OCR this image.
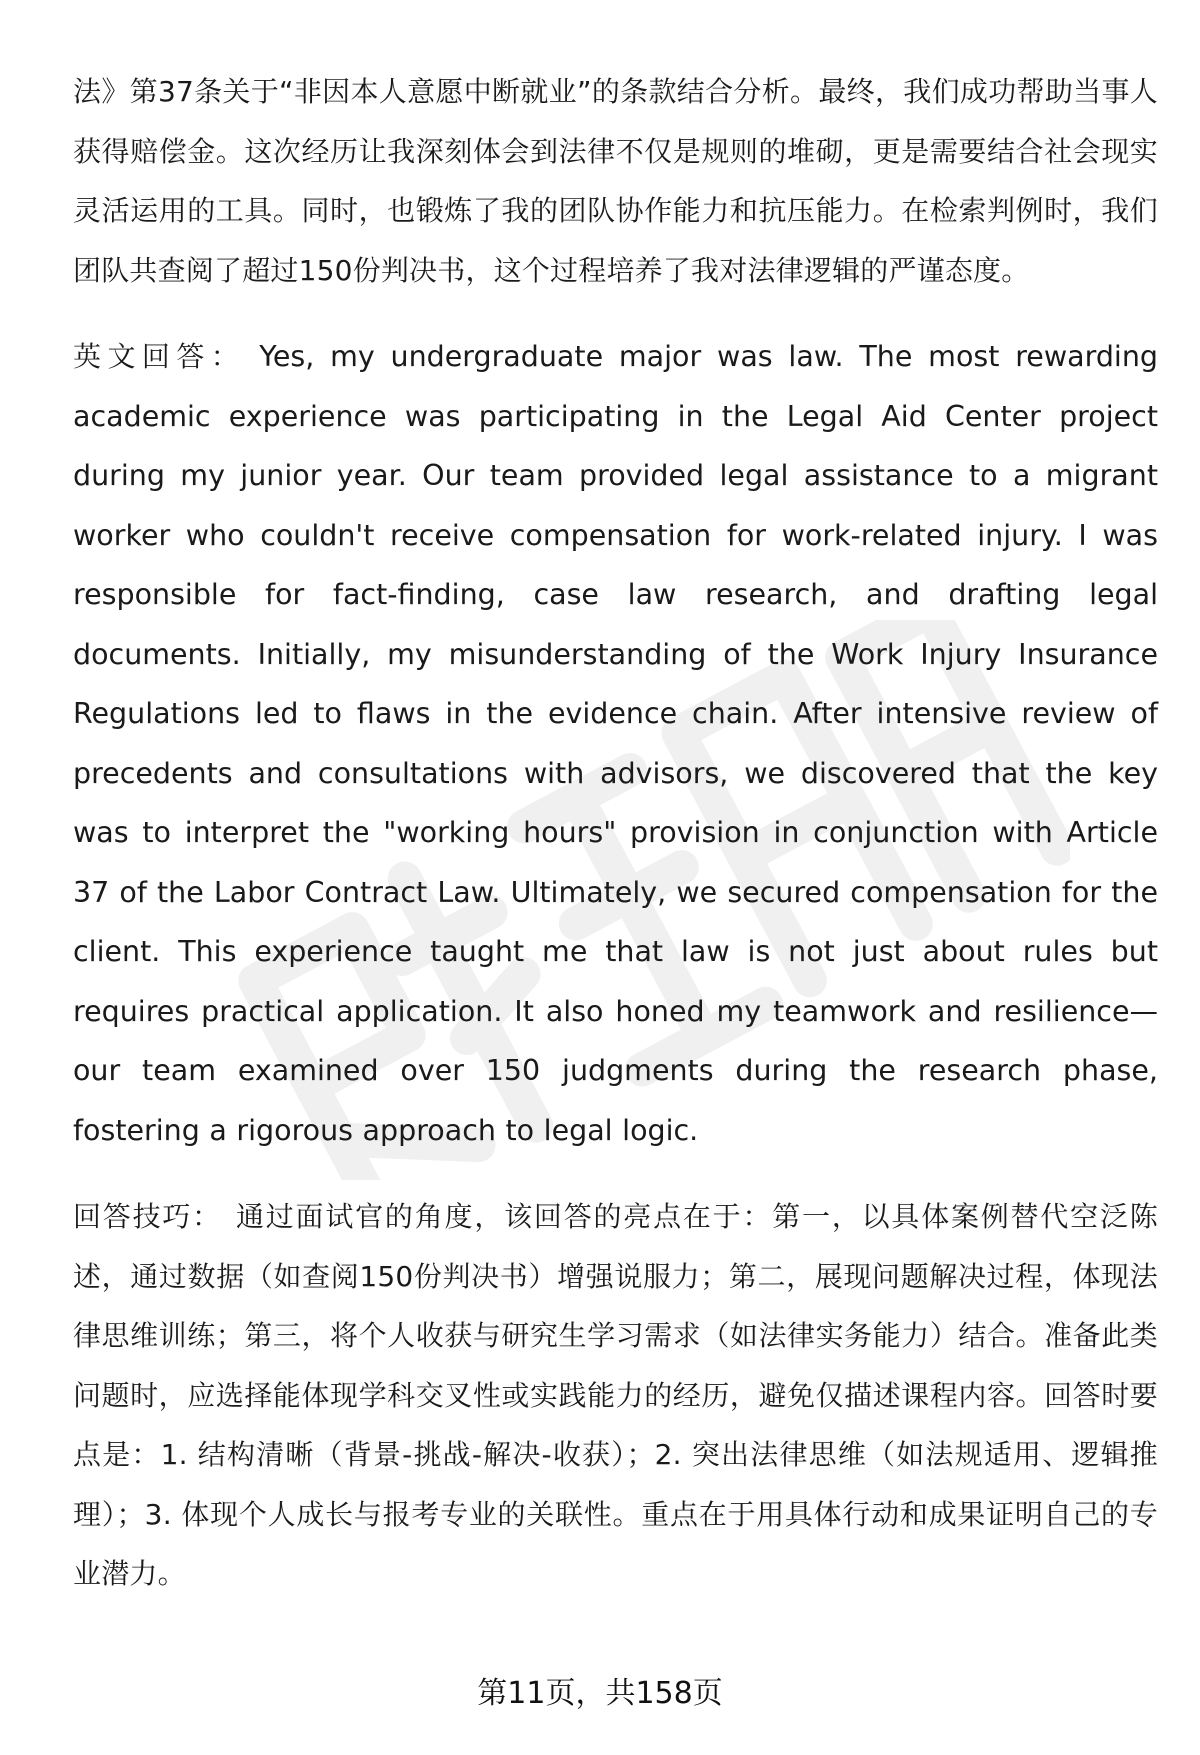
法》第37条关于“非因本人意愿中断就业”的条款结合分析。最终，我们成功帮助当事人获得赔偿金。这次经历让我深刻体会到法律不仅是规则的堆砌，更是需要结合社会现实灵活运用的工具。同时，也锻炼了我的团队协作能力和抗压能力。在检索判例时，我们团队共查阅了超过150份判决书，这个过程培养了我对法律逻辑的严谨态度。

英文回答： Yes, my undergraduate major was law. The most rewarding academic experience was participating in the Legal Aid Center project during my junior year. Our team provided legal assistance to a migrant worker who couldn't receive compensation for work-related injury. I was responsible for fact-finding, case law research, and drafting legal documents. Initially, my misunderstanding of the Work Injury Insurance Regulations led to flaws in the evidence chain. After intensive review of precedents and consultations with advisors, we discovered that the key was to interpret the "working hours" provision in conjunction with Article 37 of the Labor Contract Law. Ultimately, we secured compensation for the client. This experience taught me that law is not just about rules but requires practical application. It also honed my teamwork and resilience—our team examined over 150 judgments during the research phase, fostering a rigorous approach to legal logic.

回答技巧： 通过面试官的角度，该回答的亮点在于：第一，以具体案例替代空泛陈述，通过数据（如查阅150份判决书）增强说服力；第二，展现问题解决过程，体现法律思维训练；第三，将个人收获与研究生学习需求（如法律实务能力）结合。准备此类问题时，应选择能体现学科交叉性或实践能力的经历，避免仅描述课程内容。回答时要点是：1. 结构清晰（背景-挑战-解决-收获）；2. 突出法律思维（如法规适用、逻辑推理）；3. 体现个人成长与报考专业的关联性。重点在于用具体行动和成果证明自己的专业潜力。

第11页，共158页
